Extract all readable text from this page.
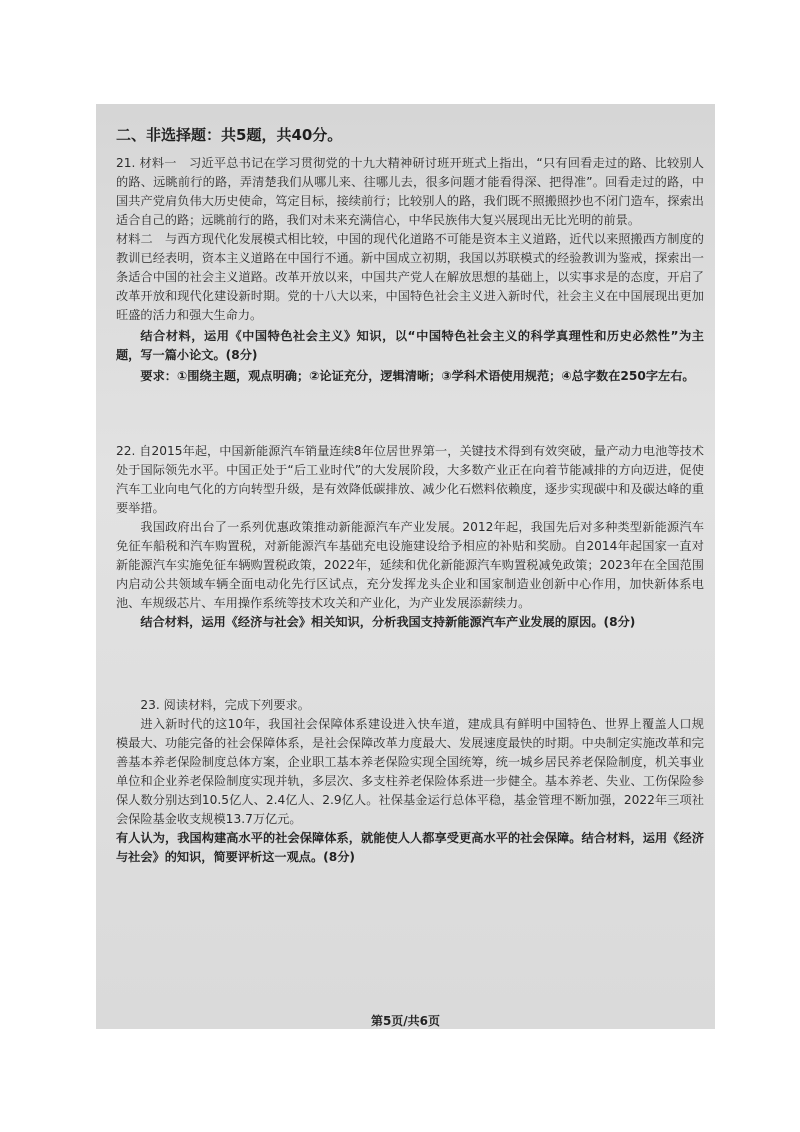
二、非选择题：共5题，共40分。

21. 材料一　习近平总书记在学习贯彻党的十九大精神研讨班开班式上指出，“只有回看走过的路、比较别人的路、远眺前行的路，弄清楚我们从哪儿来、往哪儿去，很多问题才能看得深、把得准”。回看走过的路，中国共产党肩负伟大历史使命，笃定目标，接续前行；比较别人的路，我们既不照搬照抄也不闭门造车，探索出适合自己的路；远眺前行的路，我们对未来充满信心，中华民族伟大复兴展现出无比光明的前景。

材料二　与西方现代化发展模式相比较，中国的现代化道路不可能是资本主义道路，近代以来照搬西方制度的教训已经表明，资本主义道路在中国行不通。新中国成立初期，我国以苏联模式的经验教训为鉴戒，探索出一条适合中国的社会主义道路。改革开放以来，中国共产党人在解放思想的基础上，以实事求是的态度，开启了改革开放和现代化建设新时期。党的十八大以来，中国特色社会主义进入新时代，社会主义在中国展现出更加旺盛的活力和强大生命力。

结合材料，运用《中国特色社会主义》知识，以“中国特色社会主义的科学真理性和历史必然性”为主题，写一篇小论文。(8分)

要求：①围绕主题，观点明确；②论证充分，逻辑清晰；③学科术语使用规范；④总字数在250字左右。

22. 自2015年起，中国新能源汽车销量连续8年位居世界第一，关键技术得到有效突破，量产动力电池等技术处于国际领先水平。中国正处于“后工业时代”的大发展阶段，大多数产业正在向着节能减排的方向迈进，促使汽车工业向电气化的方向转型升级，是有效降低碳排放、减少化石燃料依赖度，逐步实现碳中和及碳达峰的重要举措。

我国政府出台了一系列优惠政策推动新能源汽车产业发展。2012年起，我国先后对多种类型新能源汽车免征车船税和汽车购置税，对新能源汽车基础充电设施建设给予相应的补贴和奖励。自2014年起国家一直对新能源汽车实施免征车辆购置税政策，2022年，延续和优化新能源汽车购置税减免政策；2023年在全国范围内启动公共领域车辆全面电动化先行区试点，充分发挥龙头企业和国家制造业创新中心作用，加快新体系电池、车规级芯片、车用操作系统等技术攻关和产业化，为产业发展添薪续力。

结合材料，运用《经济与社会》相关知识，分析我国支持新能源汽车产业发展的原因。(8分)

23. 阅读材料，完成下列要求。

进入新时代的这10年，我国社会保障体系建设进入快车道，建成具有鲜明中国特色、世界上覆盖人口规模最大、功能完备的社会保障体系，是社会保障改革力度最大、发展速度最快的时期。中央制定实施改革和完善基本养老保险制度总体方案，企业职工基本养老保险实现全国统筹，统一城乡居民养老保险制度，机关事业单位和企业养老保险制度实现并轨，多层次、多支柱养老保险体系进一步健全。基本养老、失业、工伤保险参保人数分别达到10.5亿人、2.4亿人、2.9亿人。社保基金运行总体平稳，基金管理不断加强，2022年三项社会保险基金收支规模13.7万亿元。

有人认为，我国构建高水平的社会保障体系，就能使人人都享受更高水平的社会保障。结合材料，运用《经济与社会》的知识，简要评析这一观点。(8分)

第5页/共6页
